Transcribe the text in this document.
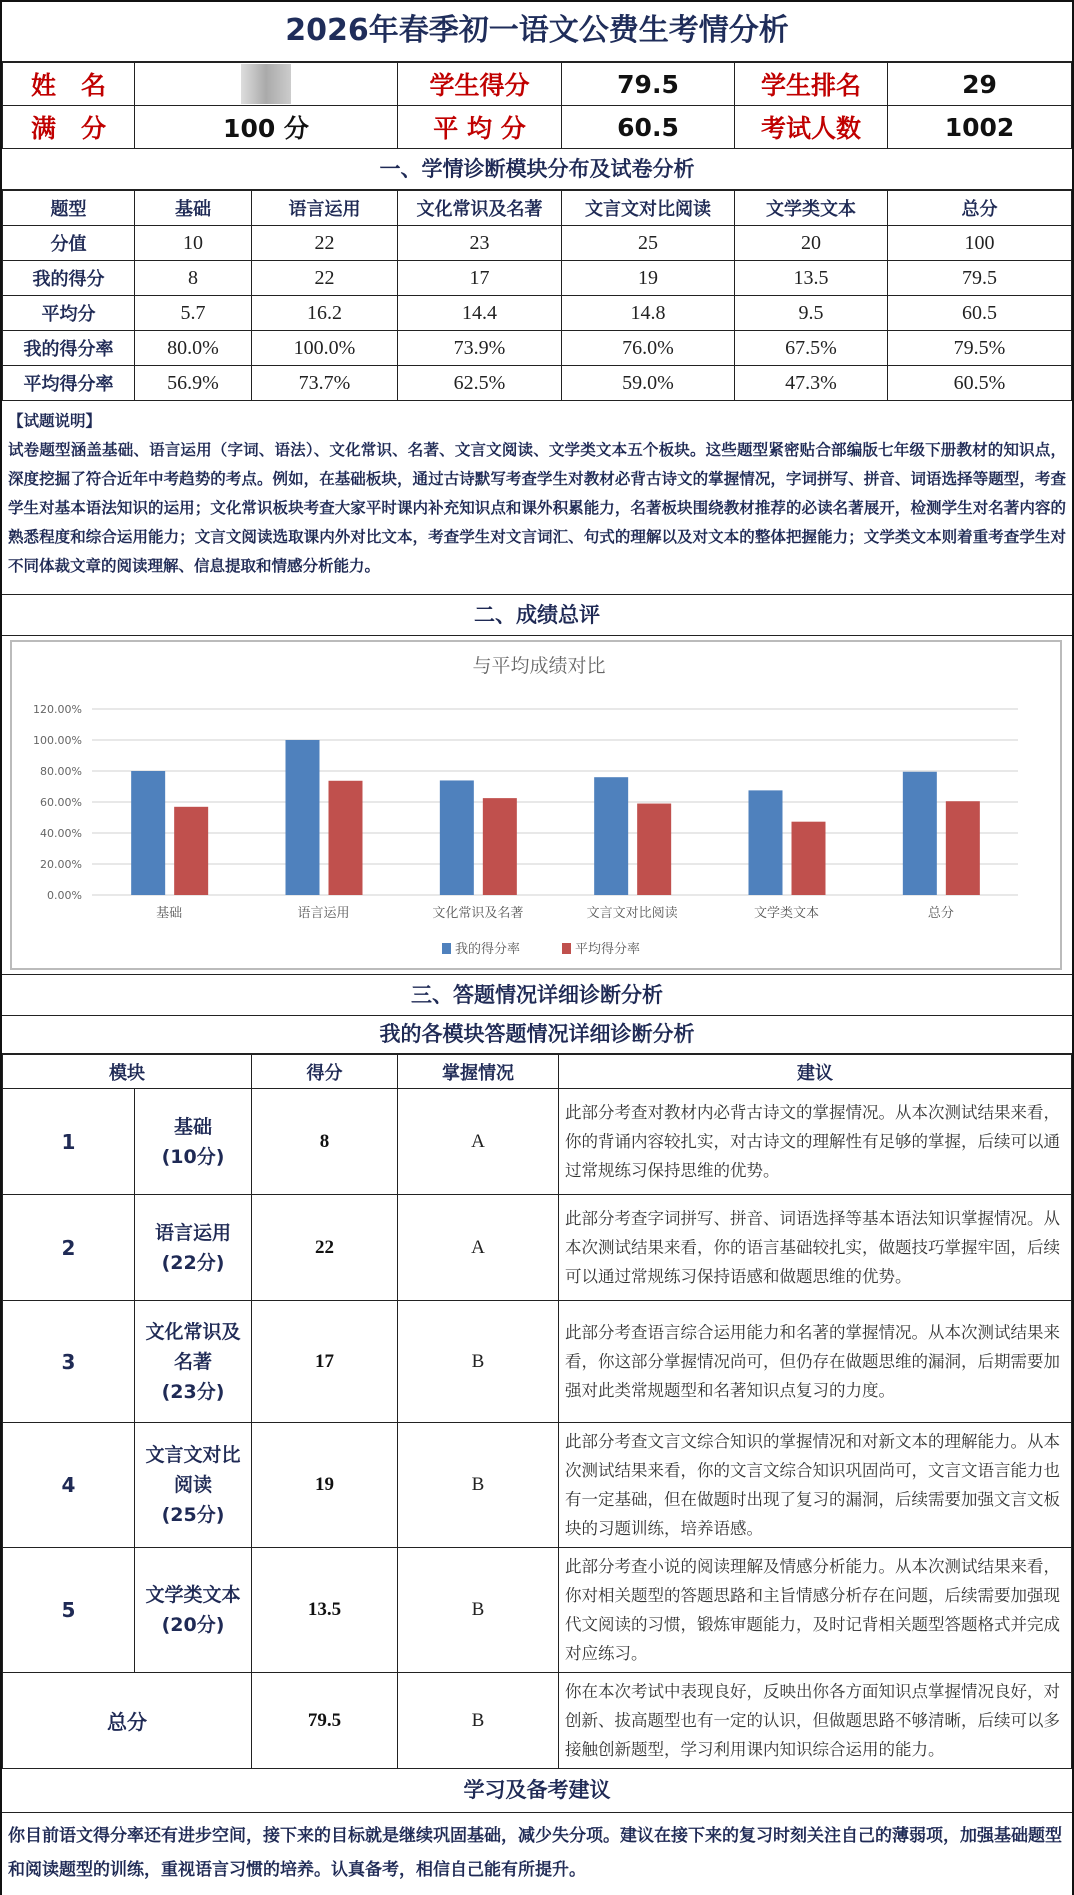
2026年春季初一语文公费生考情分析
姓　名		学生得分	79.5	学生排名	29
满　分	100 分	平 均 分	60.5	考试人数	1002
一、学情诊断模块分布及试卷分析
题型	基础	语言运用	文化常识及名著	文言文对比阅读	文学类文本	总分
分值	10	22	23	25	20	100
我的得分	8	22	17	19	13.5	79.5
平均分	5.7	16.2	14.4	14.8	9.5	60.5
我的得分率	80.0%	100.0%	73.9%	76.0%	67.5%	79.5%
平均得分率	56.9%	73.7%	62.5%	59.0%	47.3%	60.5%
【试题说明】
试卷题型涵盖基础、语言运用（字词、语法）、文化常识、名著、文言文阅读、文学类文本五个板块。这些题型紧密贴合部编版七年级下册教材的知识点，深度挖掘了符合近年中考趋势的考点。例如，在基础板块，通过古诗默写考查学生对教材必背古诗文的掌握情况，字词拼写、拼音、词语选择等题型，考查学生对基本语法知识的运用；文化常识板块考查大家平时课内补充知识点和课外积累能力，名著板块围绕教材推荐的必读名著展开，检测学生对名著内容的熟悉程度和综合运用能力；文言文阅读选取课内外对比文本，考查学生对文言词汇、句式的理解以及对文本的整体把握能力；文学类文本则着重考查学生对不同体裁文章的阅读理解、信息提取和情感分析能力。
二、成绩总评
与平均成绩对比
0.00%
20.00%
40.00%
60.00%
80.00%
100.00%
120.00%
基础	语言运用	文化常识及名著	文言文对比阅读	文学类文本	总分
我的得分率	平均得分率
三、答题情况详细诊断分析
我的各模块答题情况详细诊断分析
模块		得分	掌握情况	建议
1	基础
(10分)	8	A	此部分考查对教材内必背古诗文的掌握情况。从本次测试结果来看，你的背诵内容较扎实，对古诗文的理解性有足够的掌握，后续可以通过常规练习保持思维的优势。
2	语言运用
(22分)	22	A	此部分考查字词拼写、拼音、词语选择等基本语法知识掌握情况。从本次测试结果来看，你的语言基础较扎实，做题技巧掌握牢固，后续可以通过常规练习保持语感和做题思维的优势。
3	文化常识及名著
(23分)	17	B	此部分考查语言综合运用能力和名著的掌握情况。从本次测试结果来看，你这部分掌握情况尚可，但仍存在做题思维的漏洞，后期需要加强对此类常规题型和名著知识点复习的力度。
4	文言文对比阅读
(25分)	19	B	此部分考查文言文综合知识的掌握情况和对新文本的理解能力。从本次测试结果来看，你的文言文综合知识巩固尚可，文言文语言能力也有一定基础，但在做题时出现了复习的漏洞，后续需要加强文言文板块的习题训练，培养语感。
5	文学类文本
(20分)	13.5	B	此部分考查小说的阅读理解及情感分析能力。从本次测试结果来看，你对相关题型的答题思路和主旨情感分析存在问题，后续需要加强现代文阅读的习惯，锻炼审题能力，及时记背相关题型答题格式并完成对应练习。
总分		79.5	B	你在本次考试中表现良好，反映出你各方面知识点掌握情况良好，对创新、拔高题型也有一定的认识，但做题思路不够清晰，后续可以多接触创新题型，学习利用课内知识综合运用的能力。
学习及备考建议
你目前语文得分率还有进步空间，接下来的目标就是继续巩固基础，减少失分项。建议在接下来的复习时刻关注自己的薄弱项，加强基础题型和阅读题型的训练，重视语言习惯的培养。认真备考，相信自己能有所提升。
